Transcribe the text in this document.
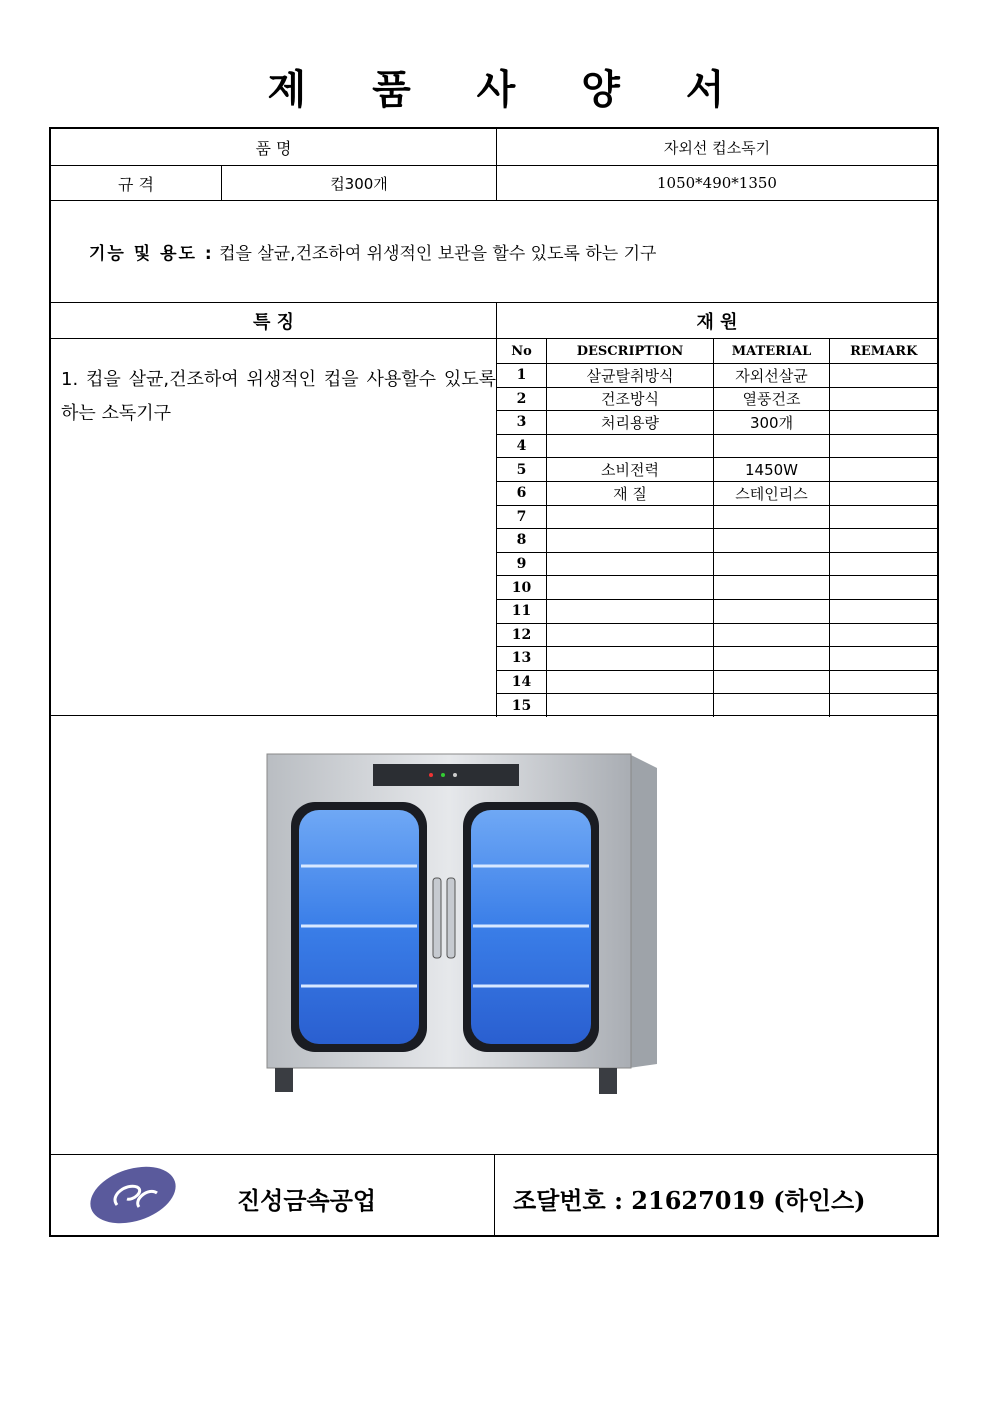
제 품 사 양 서
품 명	자외선 컵소독기
규 격	컵300개	1050*490*1350
기능 및 용도 : 컵을 살균,건조하여 위생적인 보관을 할수 있도록 하는 기구
특 징	재 원
1. 컵을 살균,건조하여 위생적인 컵을 사용할수 있도록 하는 소독기구
No	DESCRIPTION	MATERIAL	REMARK
1	살균탈취방식	자외선살균	
2	건조방식	열풍건조	
3	처리용량	300개	
4			
5	소비전력	1450W	
6	재 질	스테인리스	
7			
8			
9			
10			
11			
12			
13			
14			
15			
진성금속공업	조달번호 : 21627019 (하인스)
